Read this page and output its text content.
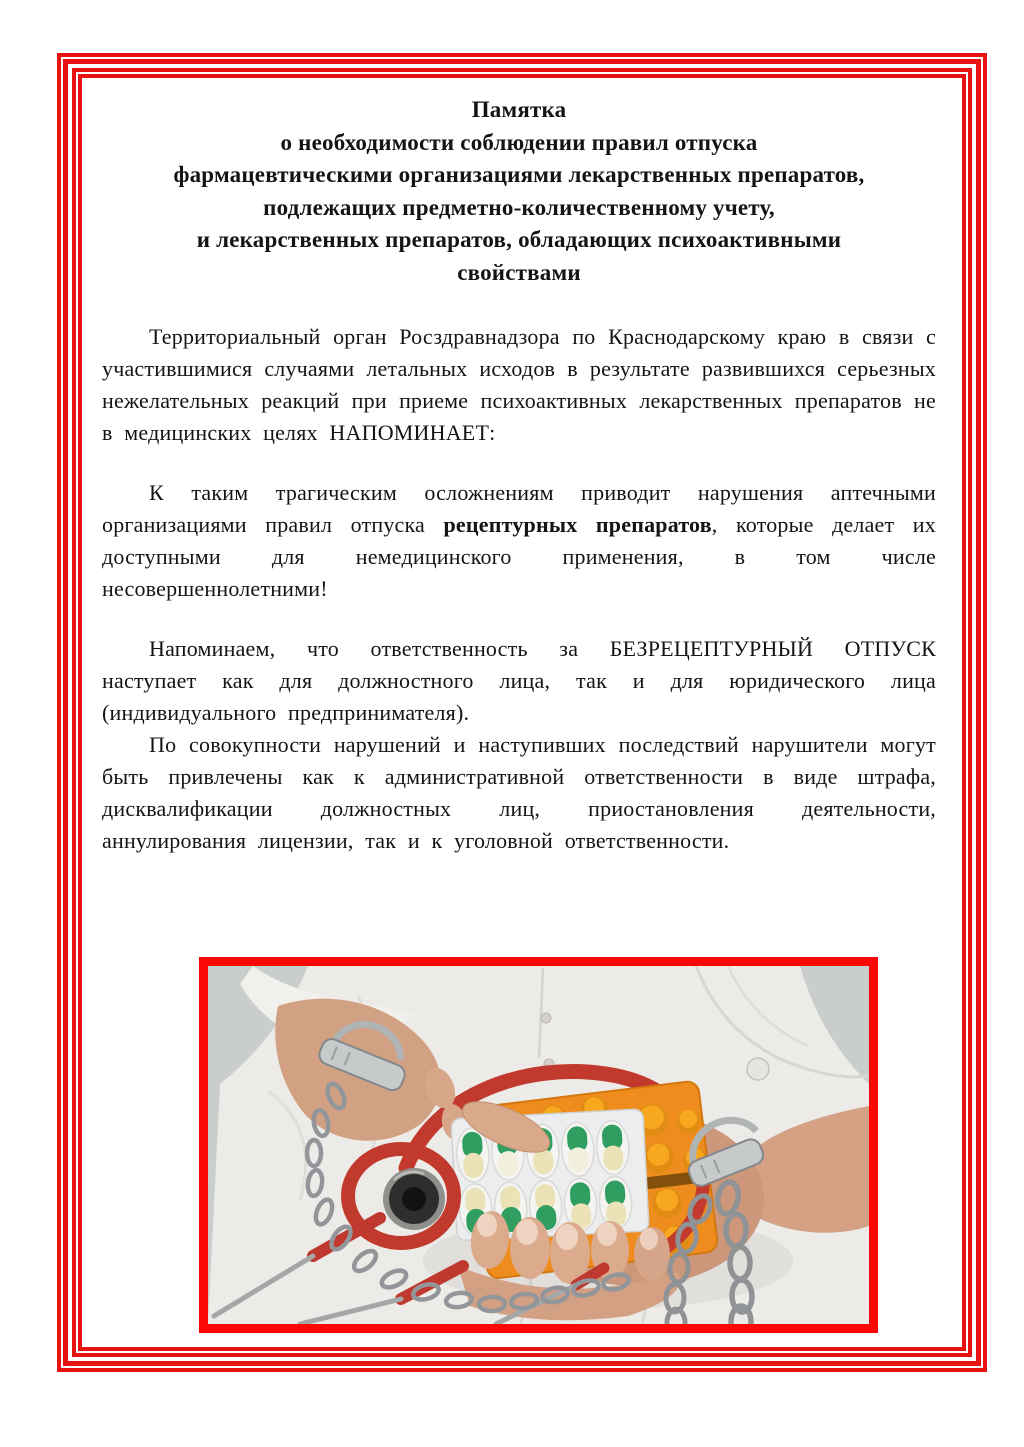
Памятка
о необходимости соблюдении правил отпуска
фармацевтическими организациями лекарственных препаратов,
подлежащих предметно-количественному учету,
и лекарственных препаратов, обладающих психоактивными
свойствами

Территориальный орган Росздравнадзора по Краснодарскому краю в связи с участившимися случаями летальных исходов в результате развившихся серьезных нежелательных реакций при приеме психоактивных лекарственных препаратов не в медицинских целях НАПОМИНАЕТ:

К таким трагическим осложнениям приводит нарушения аптечными организациями правил отпуска рецептурных препаратов, которые делает их доступными для немедицинского применения, в том числе несовершеннолетними!

Напоминаем, что ответственность за БЕЗРЕЦЕПТУРНЫЙ ОТПУСК наступает как для должностного лица, так и для юридического лица (индивидуального предпринимателя).

По совокупности нарушений и наступивших последствий нарушители могут быть привлечены как к административной ответственности в виде штрафа, дисквалификации должностных лиц, приостановления деятельности, аннулирования лицензии, так и к уголовной ответственности.
